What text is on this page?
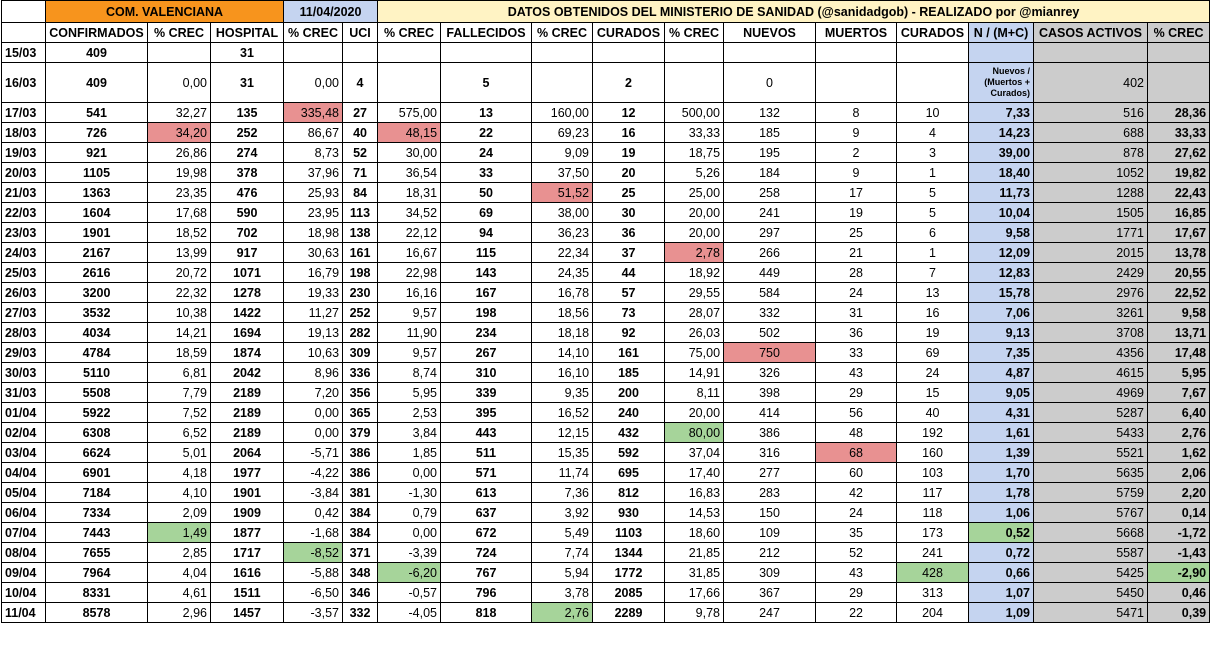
	COM. VALENCIANA			11/04/2020		DATOS OBTENIDOS DEL MINISTERIO DE SANIDAD (@sanidadgob) - REALIZADO por @mianrey										
	CONFIRMADOS	% CREC	HOSPITAL	% CREC	UCI	% CREC	FALLECIDOS	% CREC	CURADOS	% CREC	NUEVOS	MUERTOS	CURADOS	N / (M+C)	CASOS ACTIVOS	% CREC
15/03	409		31													
16/03	409	0,00	31	0,00	4		5		2		0			Nuevos / (Muertos + Curados)	402	
17/03	541	32,27	135	335,48	27	575,00	13	160,00	12	500,00	132	8	10	7,33	516	28,36
18/03	726	34,20	252	86,67	40	48,15	22	69,23	16	33,33	185	9	4	14,23	688	33,33
19/03	921	26,86	274	8,73	52	30,00	24	9,09	19	18,75	195	2	3	39,00	878	27,62
20/03	1105	19,98	378	37,96	71	36,54	33	37,50	20	5,26	184	9	1	18,40	1052	19,82
21/03	1363	23,35	476	25,93	84	18,31	50	51,52	25	25,00	258	17	5	11,73	1288	22,43
22/03	1604	17,68	590	23,95	113	34,52	69	38,00	30	20,00	241	19	5	10,04	1505	16,85
23/03	1901	18,52	702	18,98	138	22,12	94	36,23	36	20,00	297	25	6	9,58	1771	17,67
24/03	2167	13,99	917	30,63	161	16,67	115	22,34	37	2,78	266	21	1	12,09	2015	13,78
25/03	2616	20,72	1071	16,79	198	22,98	143	24,35	44	18,92	449	28	7	12,83	2429	20,55
26/03	3200	22,32	1278	19,33	230	16,16	167	16,78	57	29,55	584	24	13	15,78	2976	22,52
27/03	3532	10,38	1422	11,27	252	9,57	198	18,56	73	28,07	332	31	16	7,06	3261	9,58
28/03	4034	14,21	1694	19,13	282	11,90	234	18,18	92	26,03	502	36	19	9,13	3708	13,71
29/03	4784	18,59	1874	10,63	309	9,57	267	14,10	161	75,00	750	33	69	7,35	4356	17,48
30/03	5110	6,81	2042	8,96	336	8,74	310	16,10	185	14,91	326	43	24	4,87	4615	5,95
31/03	5508	7,79	2189	7,20	356	5,95	339	9,35	200	8,11	398	29	15	9,05	4969	7,67
01/04	5922	7,52	2189	0,00	365	2,53	395	16,52	240	20,00	414	56	40	4,31	5287	6,40
02/04	6308	6,52	2189	0,00	379	3,84	443	12,15	432	80,00	386	48	192	1,61	5433	2,76
03/04	6624	5,01	2064	-5,71	386	1,85	511	15,35	592	37,04	316	68	160	1,39	5521	1,62
04/04	6901	4,18	1977	-4,22	386	0,00	571	11,74	695	17,40	277	60	103	1,70	5635	2,06
05/04	7184	4,10	1901	-3,84	381	-1,30	613	7,36	812	16,83	283	42	117	1,78	5759	2,20
06/04	7334	2,09	1909	0,42	384	0,79	637	3,92	930	14,53	150	24	118	1,06	5767	0,14
07/04	7443	1,49	1877	-1,68	384	0,00	672	5,49	1103	18,60	109	35	173	0,52	5668	-1,72
08/04	7655	2,85	1717	-8,52	371	-3,39	724	7,74	1344	21,85	212	52	241	0,72	5587	-1,43
09/04	7964	4,04	1616	-5,88	348	-6,20	767	5,94	1772	31,85	309	43	428	0,66	5425	-2,90
10/04	8331	4,61	1511	-6,50	346	-0,57	796	3,78	2085	17,66	367	29	313	1,07	5450	0,46
11/04	8578	2,96	1457	-3,57	332	-4,05	818	2,76	2289	9,78	247	22	204	1,09	5471	0,39
